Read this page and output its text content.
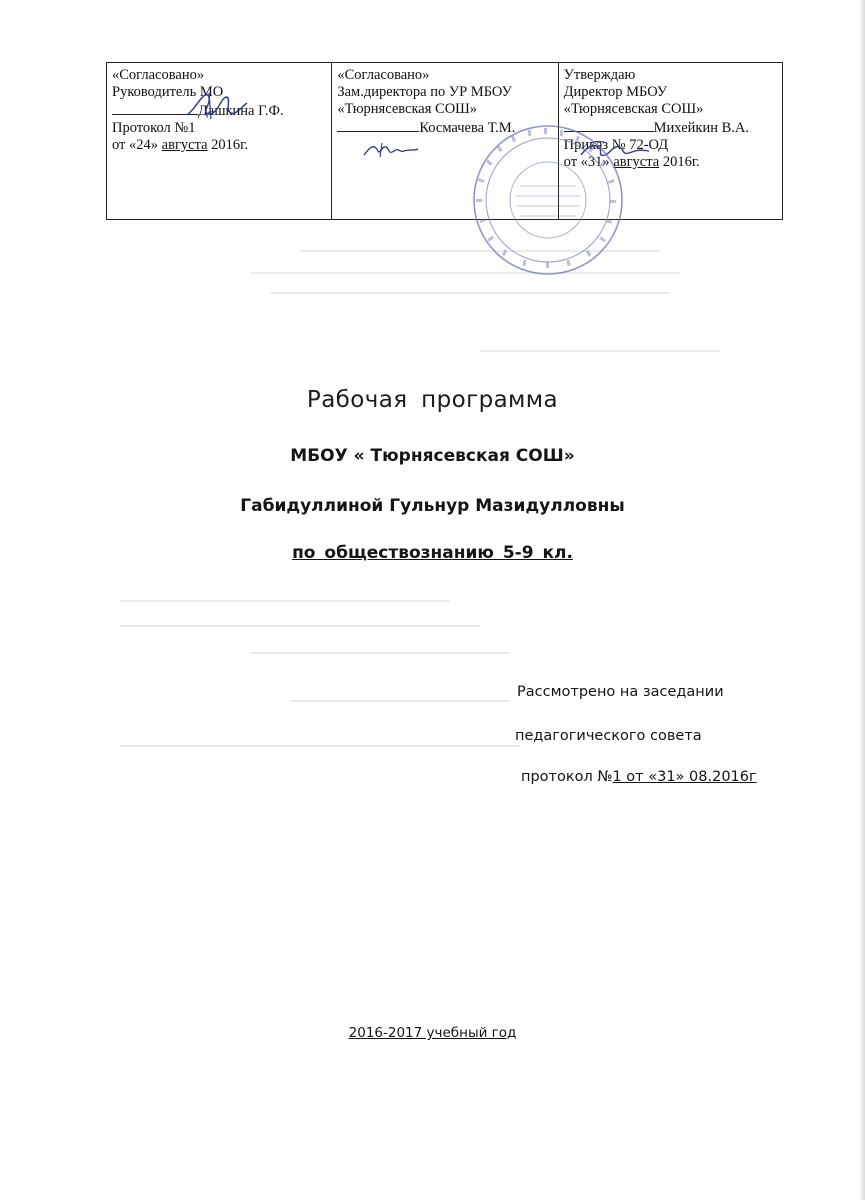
«Согласовано»
Руководитель МО
Дашкина Г.Ф.
Протокол №1
от «24» августа 2016г.
«Согласовано»
Зам.директора по УР МБОУ
«Тюрнясевская СОШ»
Космачева Т.М.
Утверждаю
Директор МБОУ
«Тюрнясевская СОШ»
Михейкин В.А.
Приказ № 72-ОД
от «31» августа 2016г.
Рабочая программа
МБОУ « Тюрнясевская СОШ»
Габидуллиной Гульнур Мазидулловны
по обществознанию 5-9 кл.
Рассмотрено на заседании
педагогического совета
протокол №1 от «31» 08.2016г
2016-2017 учебный год
